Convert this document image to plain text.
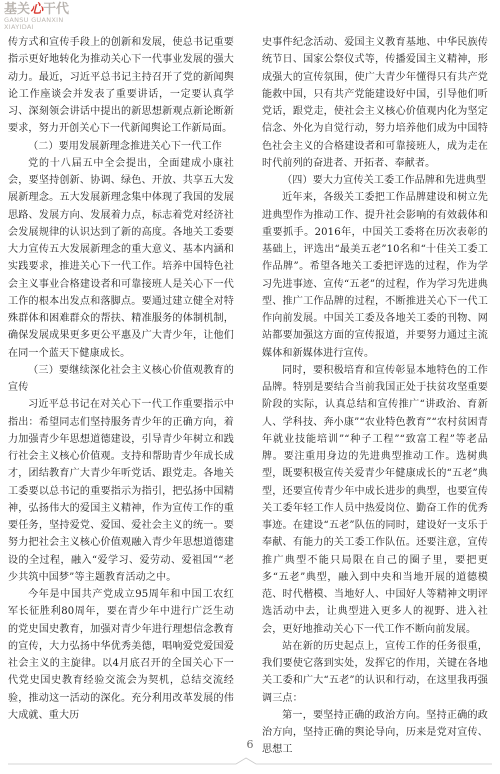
基关心干代
GANSU GUANXIN
XIAYIDAI

传方式和宣传手段上的创新和发展，使总书记重要指示更好地转化为推动关心下一代事业发展的强大动力。最近，习近平总书记主持召开了党的新闻舆论工作座谈会并发表了重要讲话，一定要认真学习、深刻领会讲话中提出的新思想新观点新论断新要求，努力开创关心下一代新闻舆论工作新局面。

（二）要用发展新理念推进关心下一代工作

党的十八届五中全会提出，全面建成小康社会，要坚持创新、协调、绿色、开放、共享五大发展新理念。五大发展新理念集中体现了我国的发展思路、发展方向、发展着力点，标志着党对经济社会发展规律的认识达到了新的高度。各地关工委要大力宣传五大发展新理念的重大意义、基本内涵和实践要求，推进关心下一代工作。培养中国特色社会主义事业合格建设者和可靠接班人是关心下一代工作的根本出发点和落脚点。要通过建立健全对特殊群体和困难群众的帮扶、精准服务的体制机制，确保发展成果更多更公平惠及广大青少年，让他们在同一个蓝天下健康成长。

（三）要继续深化社会主义核心价值观教育的宣传

习近平总书记在对关心下一代工作重要指示中指出：希望同志们坚持服务青少年的正确方向，着力加强青少年思想道德建设，引导青少年树立和践行社会主义核心价值观。支持和帮助青少年成长成才，团结教育广大青少年听党话、跟党走。各地关工委要以总书记的重要指示为指引，把弘扬中国精神，弘扬伟大的爱国主义精神，作为宣传工作的重要任务，坚持爱党、爱国、爱社会主义的统一。要努力把社会主义核心价值观融入青少年思想道德建设的全过程，融入“爱学习、爱劳动、爱祖国”“老少共筑中国梦”等主题教育活动之中。

今年是中国共产党成立95周年和中国工农红军长征胜利80周年，要在青少年中进行广泛生动的党史国史教育，加强对青少年进行理想信念教育的宣传，大力弘扬中华优秀美德，唱响爱党爱国爱社会主义的主旋律。以4月底召开的全国关心下一代党史国史教育经验交流会为契机，总结交流经验，推动这一活动的深化。充分利用改革发展的伟大成就、重大历

史事件纪念活动、爱国主义教育基地、中华民族传统节日、国家公祭仪式等，传播爱国主义精神，形成强大的宣传氛围，使广大青少年懂得只有共产党能救中国，只有共产党能建设好中国，引导他们听党话，跟党走，使社会主义核心价值观内化为坚定信念、外化为自觉行动，努力培养他们成为中国特色社会主义的合格建设者和可靠接班人，成为走在时代前列的奋进者、开拓者、奉献者。

（四）要大力宣传关工委工作品牌和先进典型

近年来，各级关工委把工作品牌建设和树立先进典型作为推动工作、提升社会影响的有效载体和重要抓手。2016年，中国关工委将在历次表彰的基础上，评选出“最美五老”10名和“十佳关工委工作品牌”。希望各地关工委把评选的过程，作为学习先进事迹、宣传“五老”的过程，作为学习先进典型、推广工作品牌的过程，不断推进关心下一代工作向前发展。中国关工委及各地关工委的刊物、网站都要加强这方面的宣传报道，并要努力通过主流媒体和新媒体进行宣传。

同时，要积极培育和宣传彰显本地特色的工作品牌。特别是要结合当前我国正处于扶贫攻坚重要阶段的实际，认真总结和宣传推广“讲政治、育新人、学科技、奔小康”“农业特色教育”“农村贫困青年就业技能培训”“种子工程”“致富工程”等老品牌。要注重用身边的先进典型推动工作。选树典型，既要积极宣传关爱青少年健康成长的“五老”典型，还要宣传青少年中成长进步的典型，也要宣传关工委年轻工作人员中热爱岗位、勤奋工作的优秀事迹。在建设“五老”队伍的同时，建设好一支乐于奉献、有能力的关工委工作队伍。还要注意，宣传推广典型不能只局限在自己的圈子里，要把更多“五老”典型，融入到中央和当地开展的道德模范、时代楷模、当地好人、中国好人等精神文明评选活动中去，让典型进入更多人的视野、进入社会，更好地推动关心下一代工作不断向前发展。

站在新的历史起点上，宣传工作的任务很重，我们要使它落到实处，发挥它的作用，关键在各地关工委和广大“五老”的认识和行动，在这里我再强调三点：

第一，要坚持正确的政治方向。坚持正确的政治方向，坚持正确的舆论导向，历来是党对宣传、思想工

6
